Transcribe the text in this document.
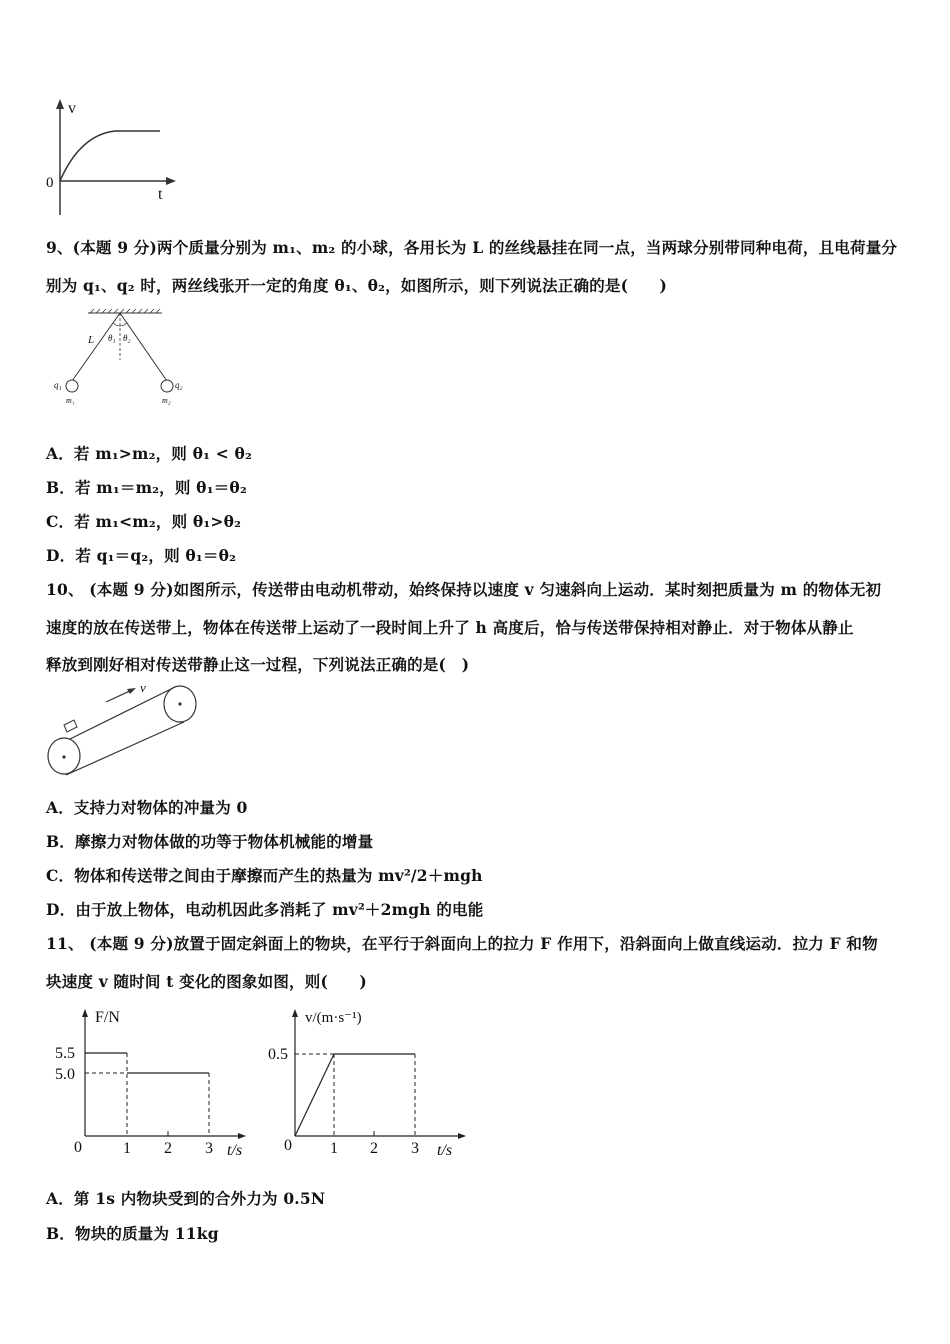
v
t
0
9、(本题 9 分)两个质量分别为 m₁、m₂ 的小球，各用长为 L 的丝线悬挂在同一点，当两球分别带同种电荷，且电荷量分
别为 q₁、q₂ 时，两丝线张开一定的角度 θ₁、θ₂，如图所示，则下列说法正确的是(　　)
L θ₁ θ₂
q₁	q₂
m₁	m₂
A．若 m₁>m₂，则 θ₁ < θ₂
B．若 m₁＝m₂，则 θ₁＝θ₂
C．若 m₁<m₂，则 θ₁>θ₂
D．若 q₁＝q₂，则 θ₁＝θ₂
10、 (本题 9 分)如图所示，传送带由电动机带动，始终保持以速度 v 匀速斜向上运动．某时刻把质量为 m 的物体无初
速度的放在传送带上，物体在传送带上运动了一段时间上升了 h 高度后，恰与传送带保持相对静止．对于物体从静止
释放到刚好相对传送带静止这一过程，下列说法正确的是(　)
v
A．支持力对物体的冲量为 0
B．摩擦力对物体做的功等于物体机械能的增量
C．物体和传送带之间由于摩擦而产生的热量为 mv²/2＋mgh
D．由于放上物体，电动机因此多消耗了 mv²＋2mgh 的电能
11、 (本题 9 分)放置于固定斜面上的物块，在平行于斜面向上的拉力 F 作用下，沿斜面向上做直线运动．拉力 F 和物
块速度 v 随时间 t 变化的图象如图，则(　　)
F/N
5.5
5.0
0	1 2 3 t/s
v/(m·s⁻¹)
0.5
0 1 2 3 t/s
A．第 1s 内物块受到的合外力为 0.5N
B．物块的质量为 11kg
